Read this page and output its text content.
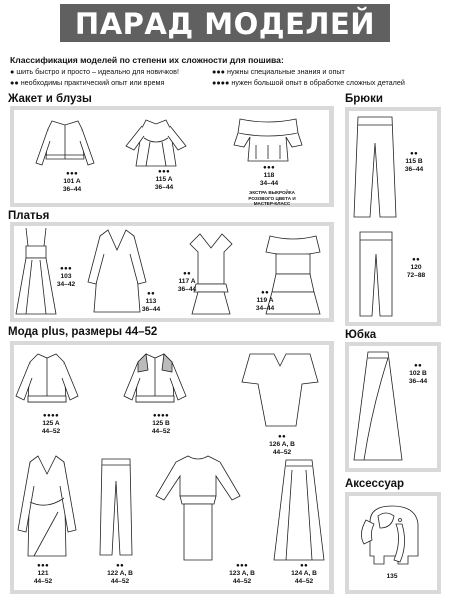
ПАРАД МОДЕЛЕЙ
Классификация моделей по степени их сложности для пошива:
● шить быстро и просто – идеально для новичков!
●● необходимы практический опыт или время
●●● нужны специальные знания и опыт
●●●● нужен большой опыт в обработке сложных деталей
Жакет и блузы
Платья
Мода plus, размеры 44–52
Брюки
Юбка
Аксессуар
●●●
101 A
36–44
●●●
115 A
36–44
●●●
118
34–44
ЭКСТРА ВЫКРОЙКА РОЗОВОГО ЦВЕТА И МАСТЕР-КЛАСС
●●●
103
34–42
●●
113
36–44
●●
117 A
36–44	●●
119 A
34–44
●●●●
125 A
44–52
●●●●
125 B
44–52
●●
126 A, B
44–52
●●●
121
44–52
●●
122 A, B
44–52
●●●
123 A, B
44–52
●●
124 A, B
44–52
●●
115 B
36–44
●●
120
72–88
●●
102 B
36–44
135
